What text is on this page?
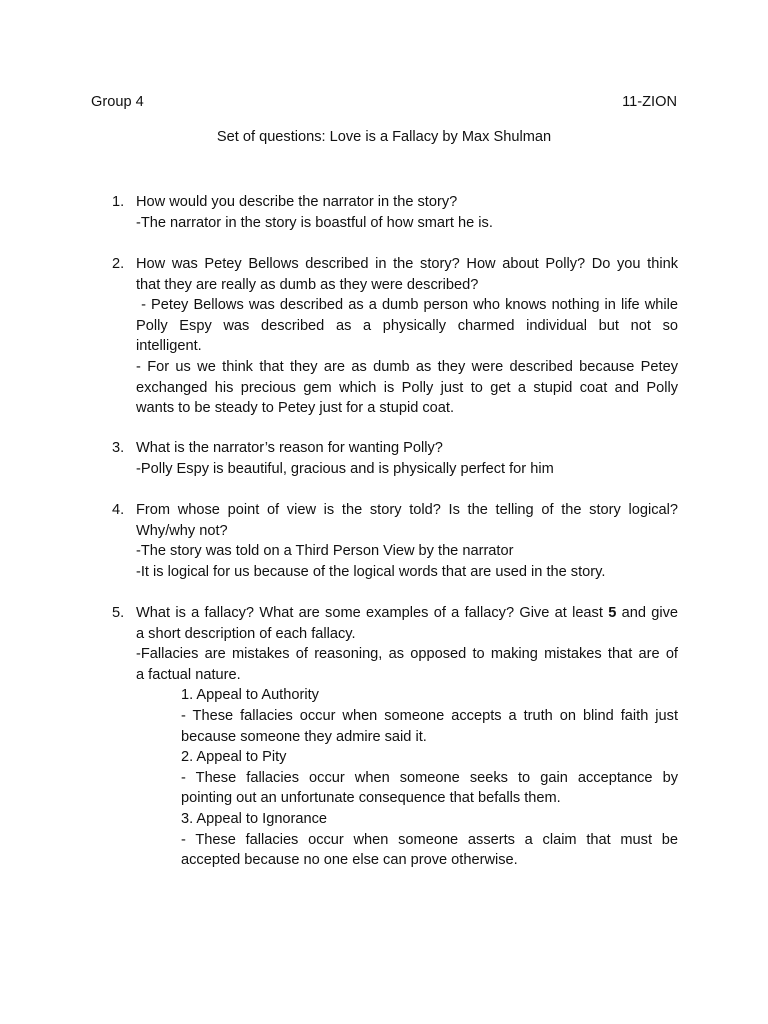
Group 4	11-ZION
Set of questions: Love is a Fallacy by Max Shulman
1. How would you describe the narrator in the story?
-The narrator in the story is boastful of how smart he is.
2. How was Petey Bellows described in the story? How about Polly? Do you think
that they are really as dumb as they were described?
- Petey Bellows was described as a dumb person who knows nothing in life while
Polly Espy was described as a physically charmed individual but not so
intelligent.
- For us we think that they are as dumb as they were described because Petey
exchanged his precious gem which is Polly just to get a stupid coat and Polly
wants to be steady to Petey just for a stupid coat.
3. What is the narrator’s reason for wanting Polly?
-Polly Espy is beautiful, gracious and is physically perfect for him
4. From whose point of view is the story told? Is the telling of the story logical?
Why/why not?
-The story was told on a Third Person View by the narrator
-It is logical for us because of the logical words that are used in the story.
5. What is a fallacy? What are some examples of a fallacy? Give at least 5 and give
a short description of each fallacy.
-Fallacies are mistakes of reasoning, as opposed to making mistakes that are of
a factual nature.
1. Appeal to Authority
- These fallacies occur when someone accepts a truth on blind faith just
because someone they admire said it.
2. Appeal to Pity
- These fallacies occur when someone seeks to gain acceptance by
pointing out an unfortunate consequence that befalls them.
3. Appeal to Ignorance
- These fallacies occur when someone asserts a claim that must be
accepted because no one else can prove otherwise.
